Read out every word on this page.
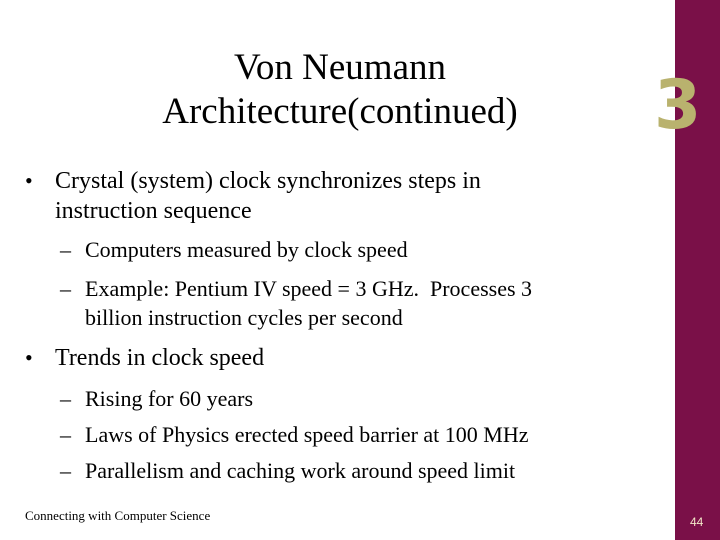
3
Von Neumann
Architecture(continued)
• Crystal (system) clock synchronizes steps in
instruction sequence
– Computers measured by clock speed
– Example: Pentium IV speed = 3 GHz.  Processes 3
billion instruction cycles per second
• Trends in clock speed
– Rising for 60 years
– Laws of Physics erected speed barrier at 100 MHz
– Parallelism and caching work around speed limit
Connecting with Computer Science	44
